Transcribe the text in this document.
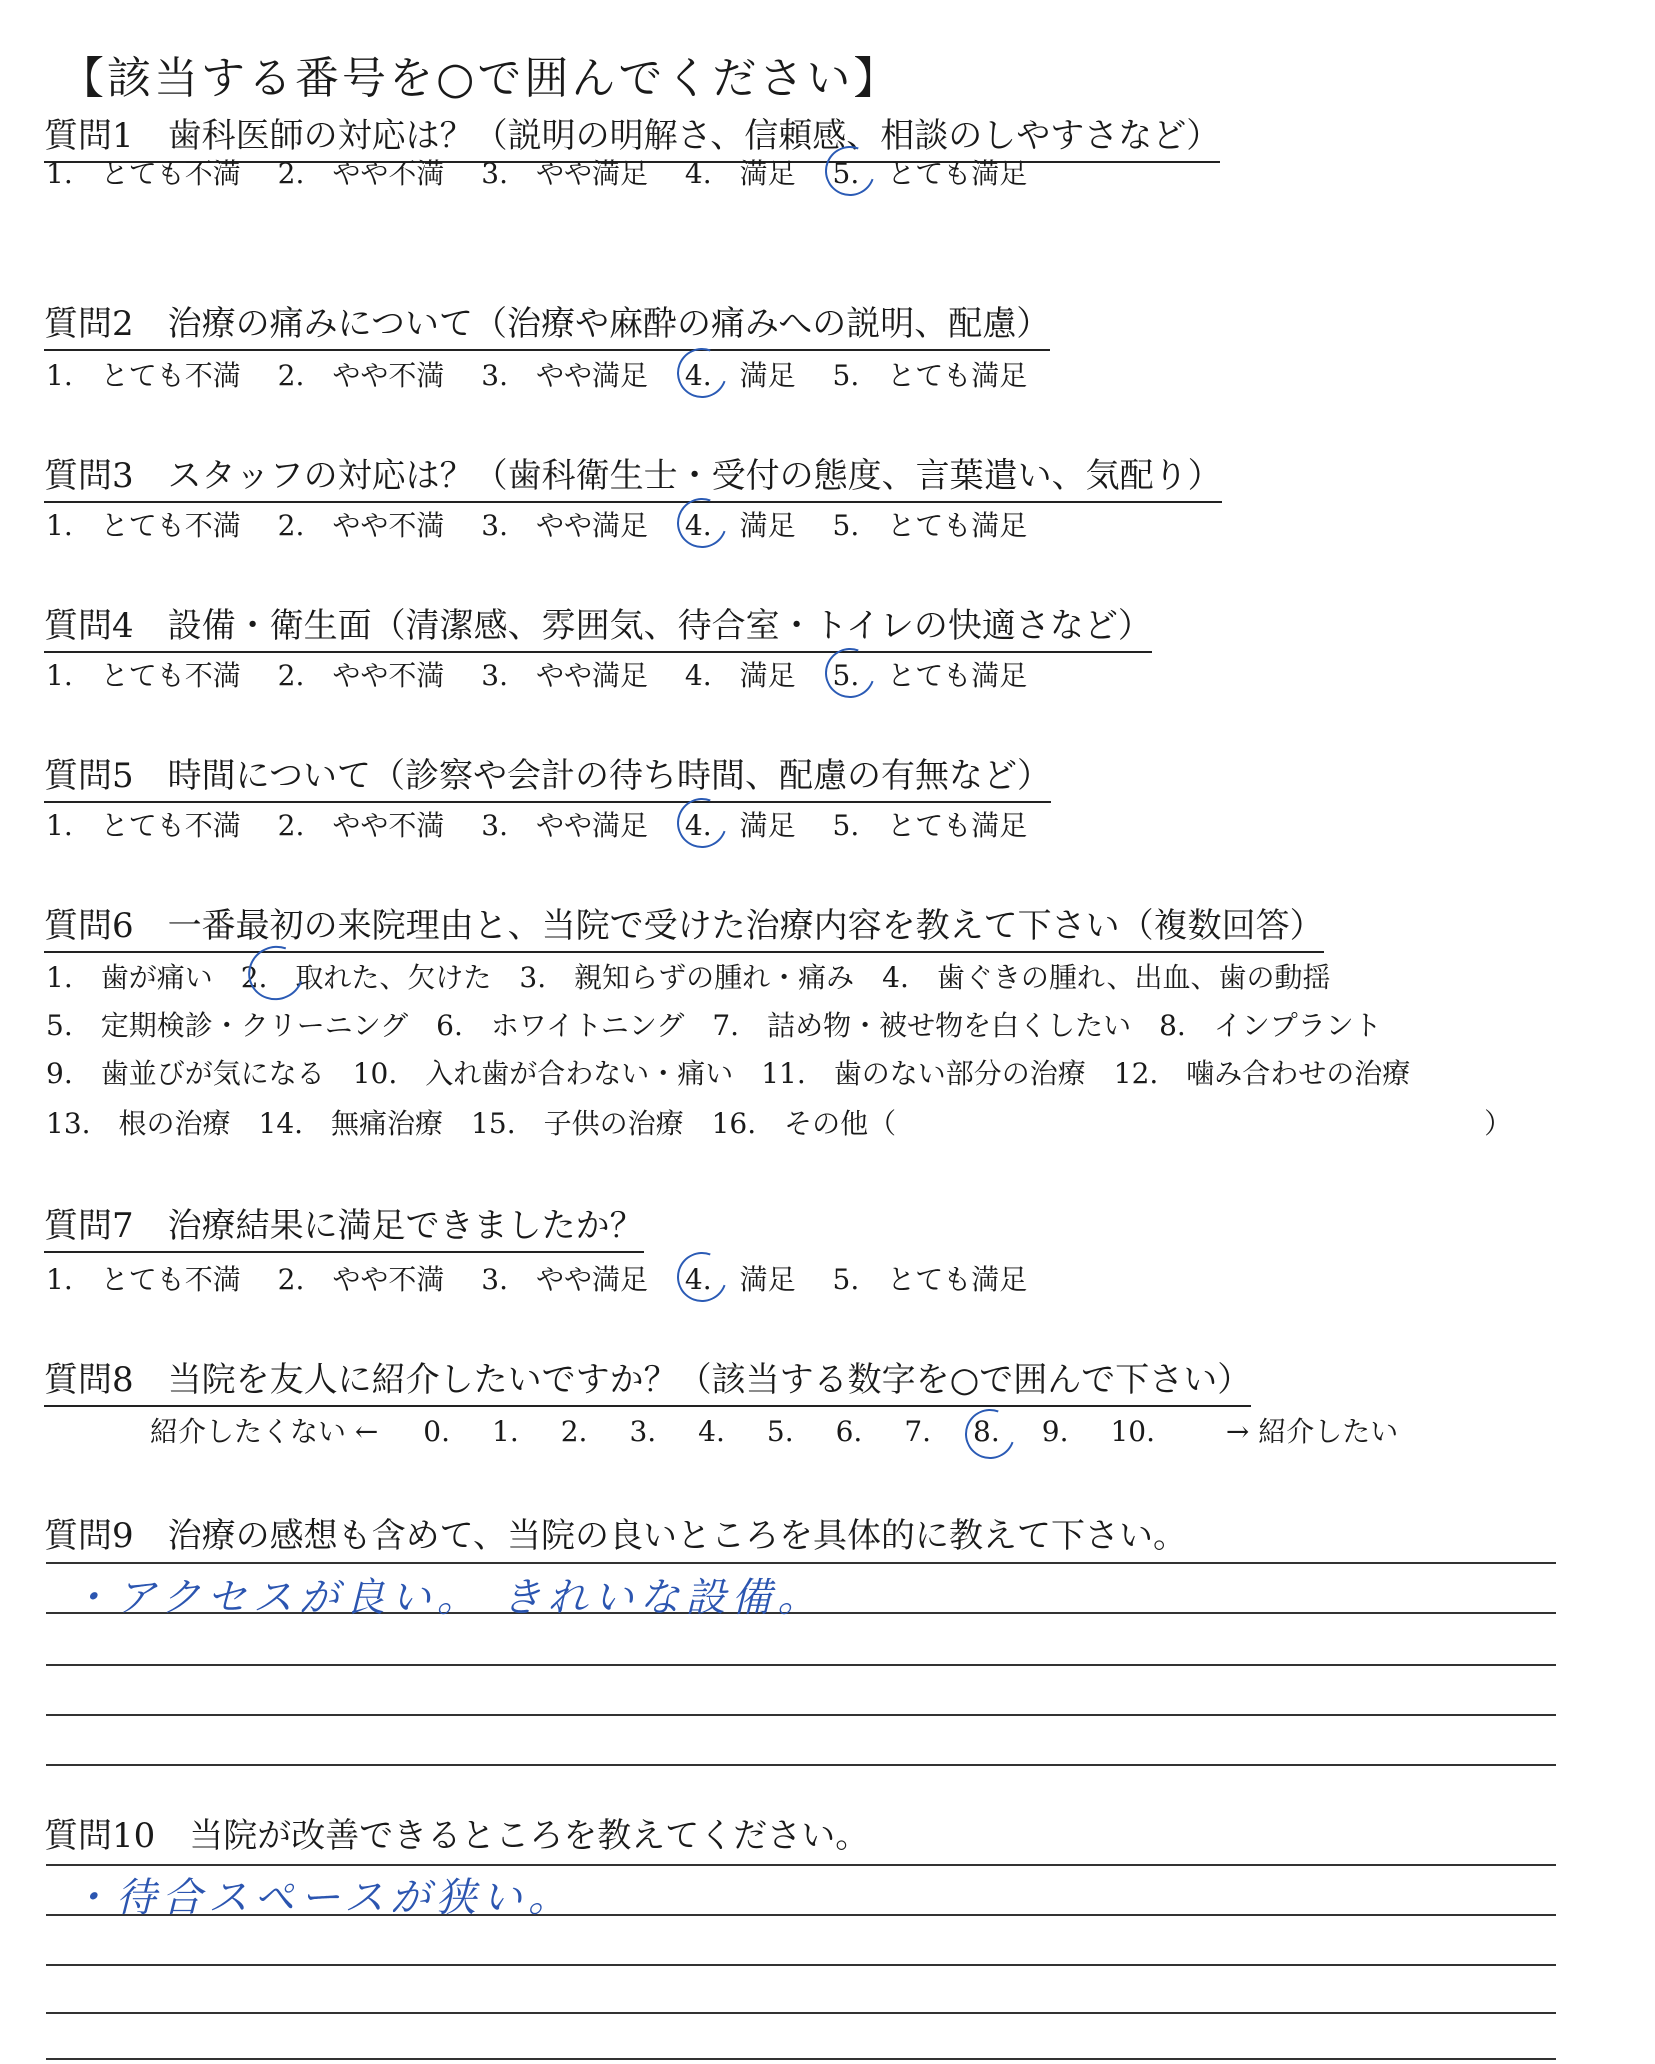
【該当する番号を○で囲んでください】
質問1　歯科医師の対応は？（説明の明解さ、信頼感、相談のしやすさなど）
1.　とても不満 2.　やや不満 3.　やや満足 4.　満足 5.　とても満足
質問2　治療の痛みについて（治療や麻酔の痛みへの説明、配慮）
1.　とても不満 2.　やや不満 3.　やや満足 4.　満足 5.　とても満足
質問3　スタッフの対応は？（歯科衛生士・受付の態度、言葉遣い、気配り）
1.　とても不満 2.　やや不満 3.　やや満足 4.　満足 5.　とても満足
質問4　設備・衛生面（清潔感、雰囲気、待合室・トイレの快適さなど）
1.　とても不満 2.　やや不満 3.　やや満足 4.　満足 5.　とても満足
質問5　時間について（診察や会計の待ち時間、配慮の有無など）
1.　とても不満 2.　やや不満 3.　やや満足 4.　満足 5.　とても満足
質問6　一番最初の来院理由と、当院で受けた治療内容を教えて下さい（複数回答）
1.　歯が痛い　2.　取れた、欠けた　3.　親知らずの腫れ・痛み　4.　歯ぐきの腫れ、出血、歯の動揺
5.　定期検診・クリーニング　6.　ホワイトニング　7.　詰め物・被せ物を白くしたい　8.　インプラント
9.　歯並びが気になる　10.　入れ歯が合わない・痛い　11.　歯のない部分の治療　12.　噛み合わせの治療
13.　根の治療　14.　無痛治療　15.　子供の治療　16.　その他（　　　　　　　　　　　　　　　　　　　　　）
質問7　治療結果に満足できましたか？
1.　とても不満 2.　やや不満 3.　やや満足 4.　満足 5.　とても満足
質問8　当院を友人に紹介したいですか？（該当する数字を○で囲んで下さい）
紹介したくない ← 0. 1. 2. 3. 4. 5. 6. 7. 8. 9. 10.	→ 紹介したい
質問9　治療の感想も含めて、当院の良いところを具体的に教えて下さい。
・アクセスが良い。 きれいな設備。
質問10　当院が改善できるところを教えてください。
・待合スペースが狭い。
